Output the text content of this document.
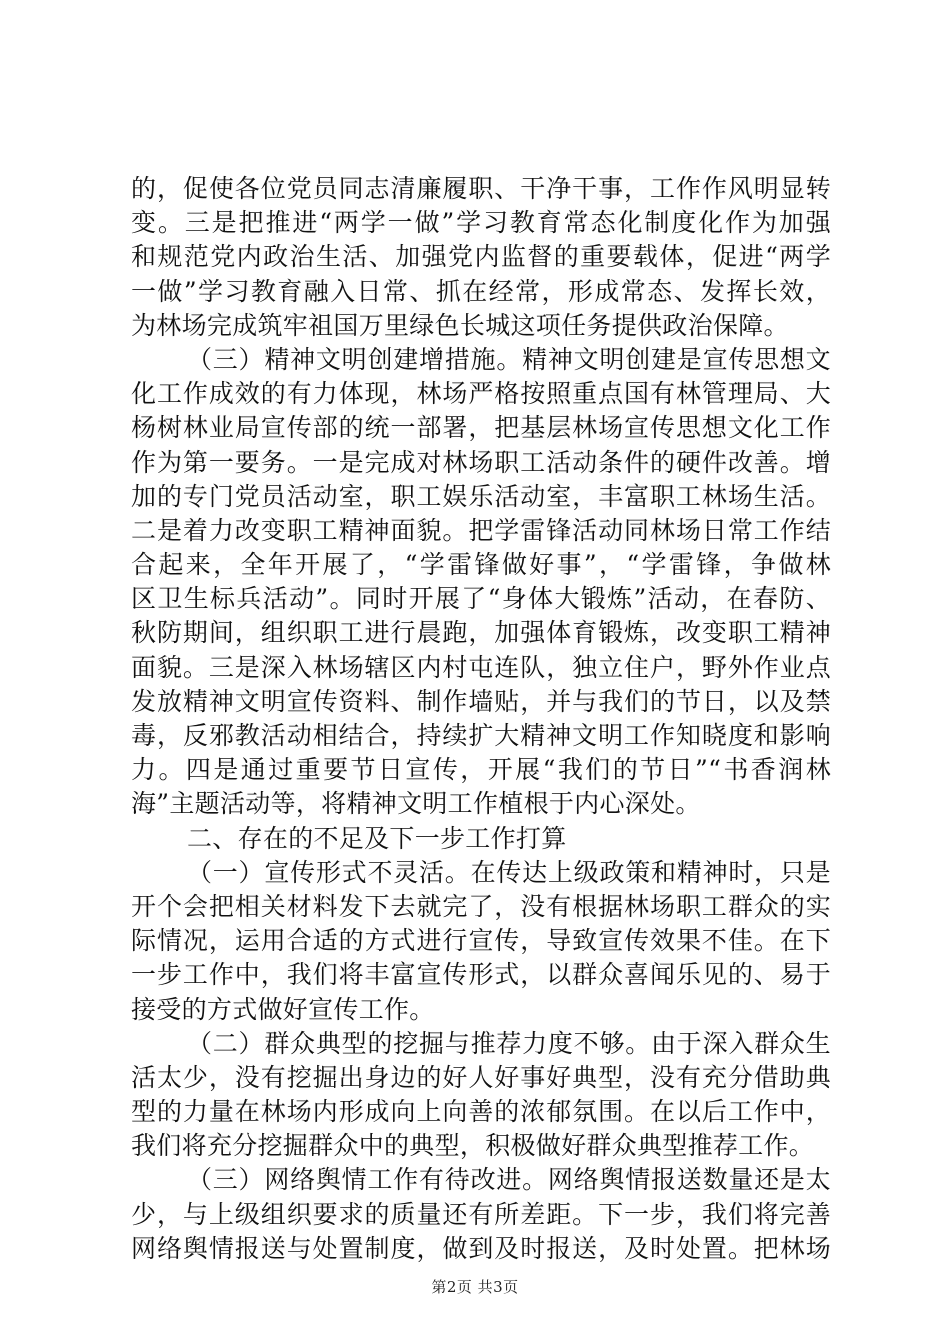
的，促使各位党员同志清廉履职、干净干事，工作作风明显转
变。三是把推进“两学一做”学习教育常态化制度化作为加强
和规范党内政治生活、加强党内监督的重要载体，促进“两学
一做”学习教育融入日常、抓在经常，形成常态、发挥长效，
为林场完成筑牢祖国万里绿色长城这项任务提供政治保障。
（三）精神文明创建增措施。精神文明创建是宣传思想文
化工作成效的有力体现，林场严格按照重点国有林管理局、大
杨树林业局宣传部的统一部署，把基层林场宣传思想文化工作
作为第一要务。一是完成对林场职工活动条件的硬件改善。增
加的专门党员活动室，职工娱乐活动室，丰富职工林场生活。
二是着力改变职工精神面貌。把学雷锋活动同林场日常工作结
合起来，全年开展了，“学雷锋做好事”，“学雷锋，争做林
区卫生标兵活动”。同时开展了“身体大锻炼”活动，在春防、
秋防期间，组织职工进行晨跑，加强体育锻炼，改变职工精神
面貌。三是深入林场辖区内村屯连队，独立住户，野外作业点
发放精神文明宣传资料、制作墙贴，并与我们的节日，以及禁
毒，反邪教活动相结合，持续扩大精神文明工作知晓度和影响
力。四是通过重要节日宣传，开展“我们的节日”“书香润林
海”主题活动等，将精神文明工作植根于内心深处。
二、存在的不足及下一步工作打算
（一）宣传形式不灵活。在传达上级政策和精神时，只是
开个会把相关材料发下去就完了，没有根据林场职工群众的实
际情况，运用合适的方式进行宣传，导致宣传效果不佳。在下
一步工作中，我们将丰富宣传形式，以群众喜闻乐见的、易于
接受的方式做好宣传工作。
（二）群众典型的挖掘与推荐力度不够。由于深入群众生
活太少，没有挖掘出身边的好人好事好典型，没有充分借助典
型的力量在林场内形成向上向善的浓郁氛围。在以后工作中，
我们将充分挖掘群众中的典型，积极做好群众典型推荐工作。
（三）网络舆情工作有待改进。网络舆情报送数量还是太
少，与上级组织要求的质量还有所差距。下一步，我们将完善
网络舆情报送与处置制度，做到及时报送，及时处置。把林场
第2页 共3页
